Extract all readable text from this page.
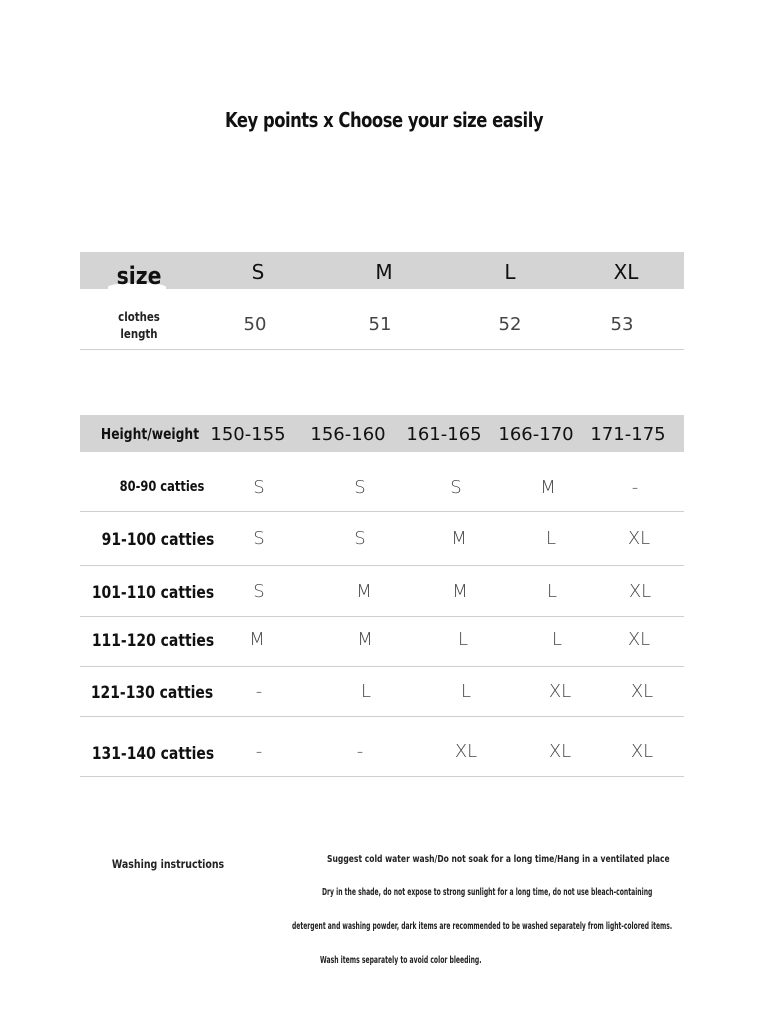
Key points x Choose your size easily
size	S	M	L	XL
clothes
length	50	51	52	53
Height/weight 150-155 156-160 161-165 166-170 171-175
80-90 catties	S	S	S	M	-
91-100 catties S	S	M	L	XL
101-110 catties S	M	M	L	XL
111-120 catties M	M	L	L	XL
121-130 catties -	L	L	XL	XL
131-140 catties -	-	XL	XL	XL
Washing instructions	Suggest cold water wash/Do not soak for a long time/Hang in a ventilated place
Dry in the shade, do not expose to strong sunlight for a long time, do not use bleach-containing
detergent and washing powder, dark items are recommended to be washed separately from light-colored items.
Wash items separately to avoid color bleeding.
